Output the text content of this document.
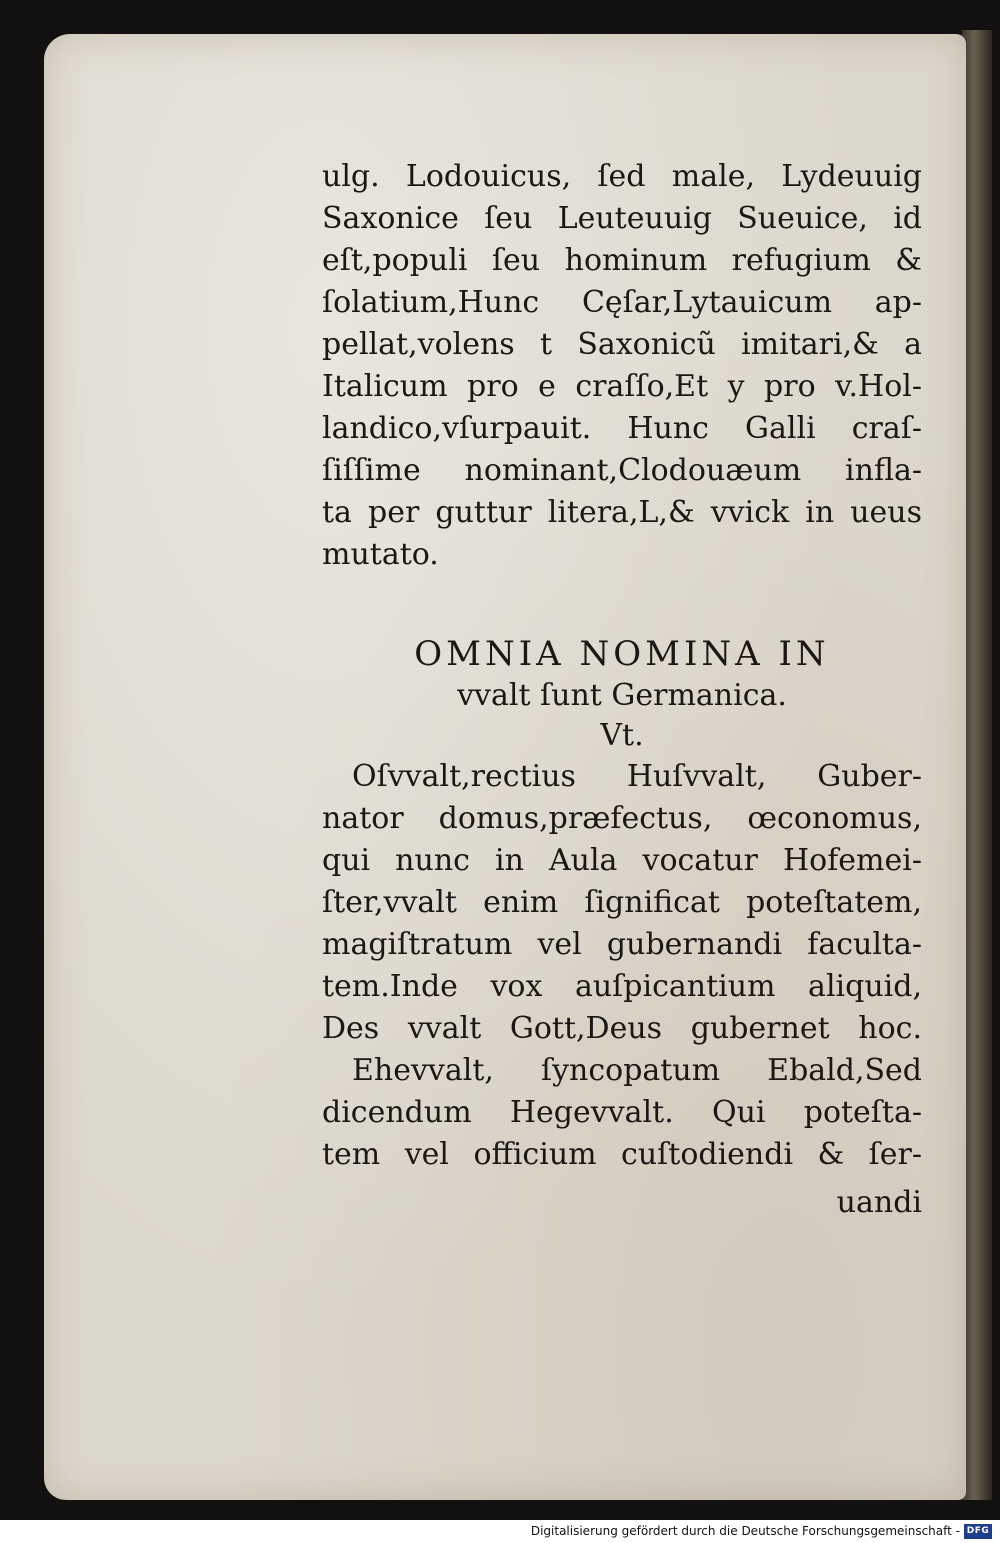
ulg. Lodouicus, ſed male, Lydeuuig
Saxonice ſeu Leuteuuig Sueuice, id
eſt,populi ſeu hominum refugium &
ſolatium,Hunc Cęſar,Lytauicum ap-
pellat,volens t Saxonicũ imitari,& a
Italicum pro e craſſo,Et y pro v.Hol-
landico,vſurpauit. Hunc Galli craſ-
ſiſſime nominant,Clodouæum infla-
ta per guttur litera,L,& vvick in ueus
mutato.
OMNIA NOMINA IN
vvalt ſunt Germanica.
Vt.
Oſvvalt,rectius Huſvvalt, Guber-
nator domus,præfectus, œconomus,
qui nunc in Aula vocatur Hofemei-
ſter,vvalt enim ſignificat poteſtatem,
magiſtratum vel gubernandi faculta-
tem.Inde vox auſpicantium aliquid,
Des vvalt Gott,Deus gubernet hoc.
Ehevvalt, ſyncopatum Ebald,Sed
dicendum Hegevvalt. Qui poteſta-
tem vel officium cuſtodiendi & ſer-
uandi
Digitalisierung gefördert durch die Deutsche Forschungsgemeinschaft - DFG
